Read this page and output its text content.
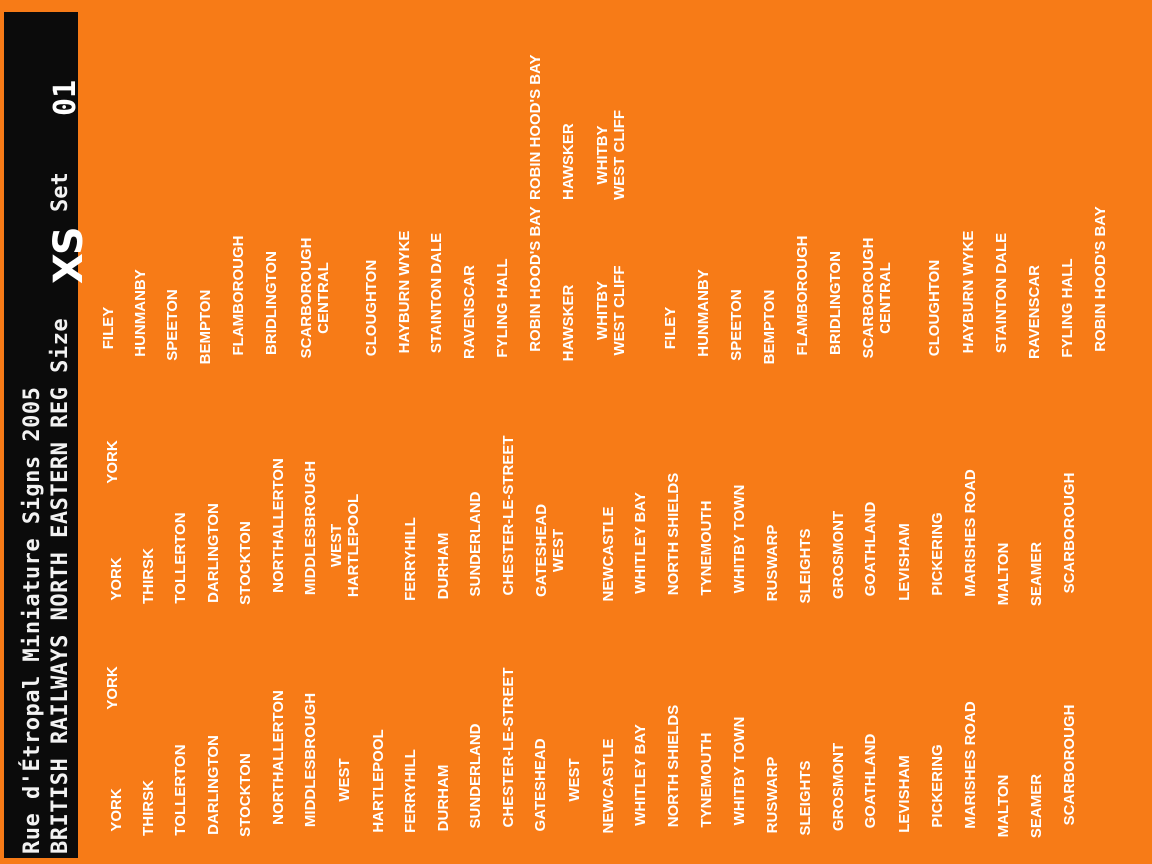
Rue d'Étropal Miniature Signs 2005 BRITISH RAILWAYS NORTH EASTERN REG Size
XS
Set
01
YORK
YORK
YORK
YORK
THIRSK
THIRSK
TOLLERTON
TOLLERTON
DARLINGTON
DARLINGTON
STOCKTON
STOCKTON
NORTHALLERTON
NORTHALLERTON
MIDDLESBROUGH
MIDDLESBROUGH
WEST HARTLEPOOL
WEST HARTLEPOOL
FERRYHILL
FERRYHILL
DURHAM
DURHAM
SUNDERLAND
SUNDERLAND
CHESTER-LE-STREET
CHESTER-LE-STREET
GATESHEAD
GATESHEAD WEST
WEST NEWCASTLE
NEWCASTLE
WHITLEY BAY
WHITLEY BAY
NORTH SHIELDS
NORTH SHIELDS
TYNEMOUTH
TYNEMOUTH
WHITBY TOWN
WHITBY TOWN
RUSWARP
RUSWARP
SLEIGHTS
SLEIGHTS
GROSMONT
GROSMONT
GOATHLAND
GOATHLAND
LEVISHAM
LEVISHAM
PICKERING
PICKERING
MARISHES ROAD
MARISHES ROAD
MALTON
MALTON
SEAMER
SEAMER
SCARBOROUGH
SCARBOROUGH
FILEY HUNMANBY SPEETON BEMPTON FLAMBOROUGH BRIDLINGTON SCARBOROUGH CENTRAL CLOUGHTON HAYBURN WYKE STAINTON DALE RAVENSCAR FYLING HALL ROBIN HOOD'S BAY HAWSKER WHITBY WEST CLIFF FILEY HUNMANBY SPEETON BEMPTON FLAMBOROUGH BRIDLINGTON SCARBOROUGH CENTRAL CLOUGHTON HAYBURN WYKE STAINTON DALE RAVENSCAR FYLING HALL ROBIN HOOD'S BAY
ROBIN HOOD'S BAY HAWSKER WHITBY WEST CLIFF
